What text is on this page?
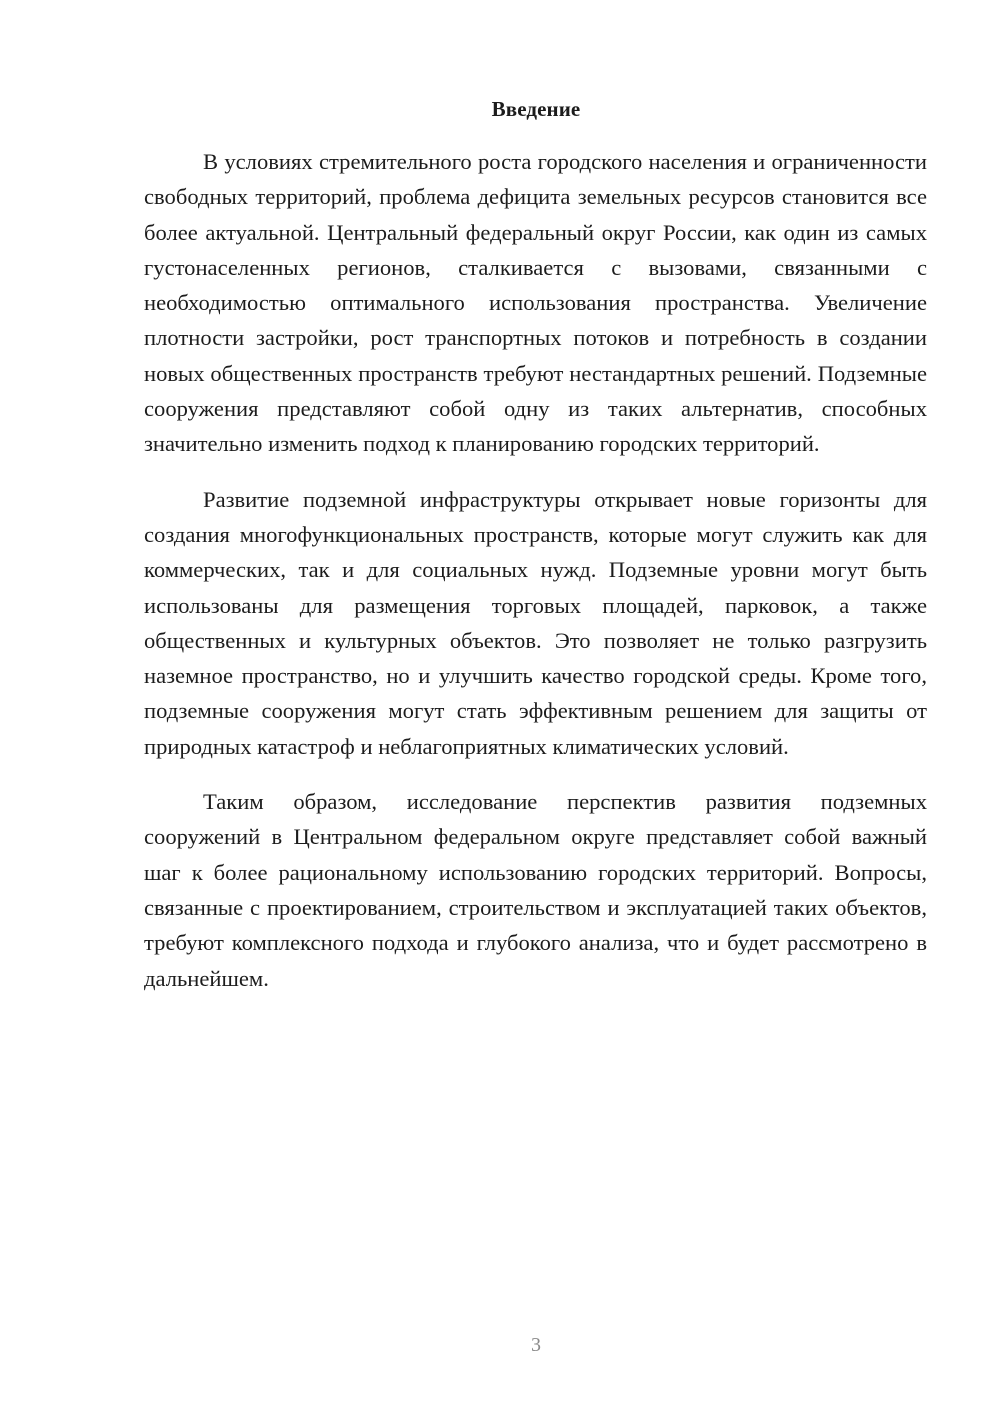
Введение

В условиях стремительного роста городского населения и ограниченности свободных территорий, проблема дефицита земельных ресурсов становится все более актуальной. Центральный федеральный округ России, как один из самых густонаселенных регионов, сталкивается с вызовами, связанными с необходимостью оптимального использования пространства. Увеличение плотности застройки, рост транспортных потоков и потребность в создании новых общественных пространств требуют нестандартных решений. Подземные сооружения представляют собой одну из таких альтернатив, способных значительно изменить подход к планированию городских территорий.

Развитие подземной инфраструктуры открывает новые горизонты для создания многофункциональных пространств, которые могут служить как для коммерческих, так и для социальных нужд. Подземные уровни могут быть использованы для размещения торговых площадей, парковок, а также общественных и культурных объектов. Это позволяет не только разгрузить наземное пространство, но и улучшить качество городской среды. Кроме того, подземные сооружения могут стать эффективным решением для защиты от природных катастроф и неблагоприятных климатических условий.

Таким образом, исследование перспектив развития подземных сооружений в Центральном федеральном округе представляет собой важный шаг к более рациональному использованию городских территорий. Вопросы, связанные с проектированием, строительством и эксплуатацией таких объектов, требуют комплексного подхода и глубокого анализа, что и будет рассмотрено в дальнейшем.

3
